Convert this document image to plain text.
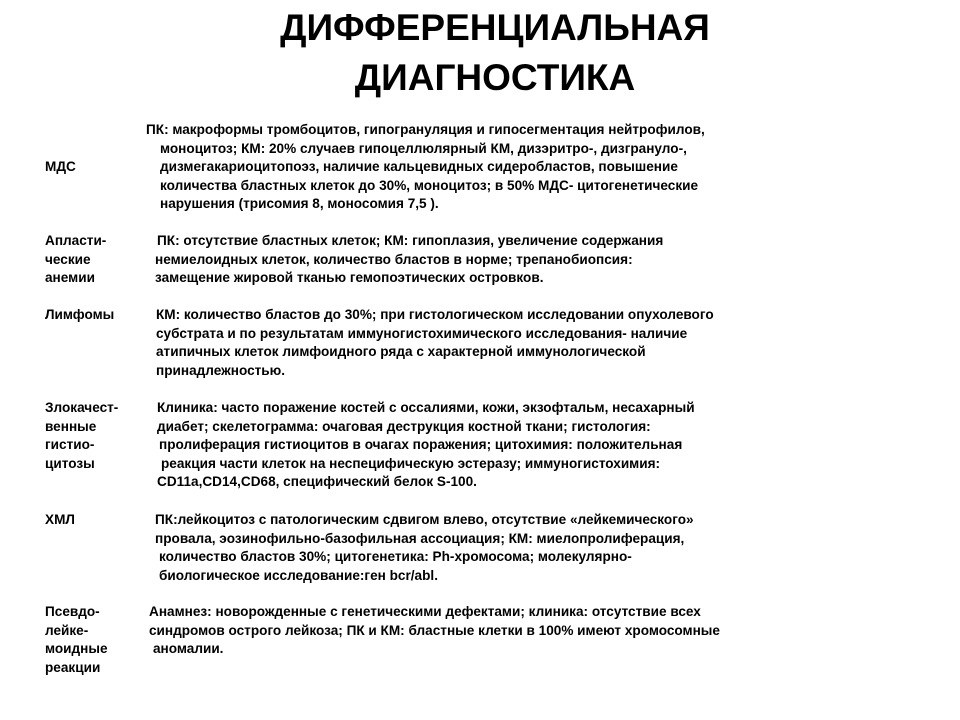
ДИФФЕРЕНЦИАЛЬНАЯ
ДИАГНОСТИКА
МДС
ПК: макроформы тромбоцитов, гипогрануляция и гипосегментация нейтрофилов,
моноцитоз; КМ: 20% случаев гипоцеллюлярный КМ, дизэритро-, дизгрануло-,
дизмегакариоцитопоэз, наличие кальцевидных сидеробластов, повышение
количества бластных клеток до 30%, моноцитоз; в 50% МДС- цитогенетические
нарушения (трисомия 8, моносомия 7,5 ).
Апласти-
ческие
анемии
ПК: отсутствие бластных клеток; КМ: гипоплазия, увеличение содержания
немиелоидных клеток, количество бластов в норме; трепанобиопсия:
замещение жировой тканью гемопоэтических островков.
Лимфомы	КМ: количество бластов до 30%; при гистологическом исследовании опухолевого
субстрата и по результатам иммуногистохимического исследования- наличие
атипичных клеток лимфоидного ряда с характерной иммунологической
принадлежностью.
Злокачест-
венные
гистио-
цитозы
Клиника: часто поражение костей с оссалиями, кожи, экзофтальм, несахарный
диабет; скелетограмма: очаговая деструкция костной ткани; гистология:
пролиферация гистиоцитов в очагах поражения; цитохимия: положительная
реакция части клеток на неспецифическую эстеразу; иммуногистохимия:
CD11a,CD14,CD68, специфический белок S-100.
ХМЛ	ПК:лейкоцитоз с патологическим сдвигом влево, отсутствие «лейкемического»
провала, эозинофильно-базофильная ассоциация; КМ: миелопролиферация,
количество бластов 30%; цитогенетика: Ph-хромосома; молекулярно-
биологическое исследование:ген bcr/abl.
Псевдо-
лейке-
моидные
реакции
Анамнез: новорожденные с генетическими дефектами; клиника: отсутствие всех
синдромов острого лейкоза; ПК и КМ: бластные клетки в 100% имеют хромосомные
аномалии.
